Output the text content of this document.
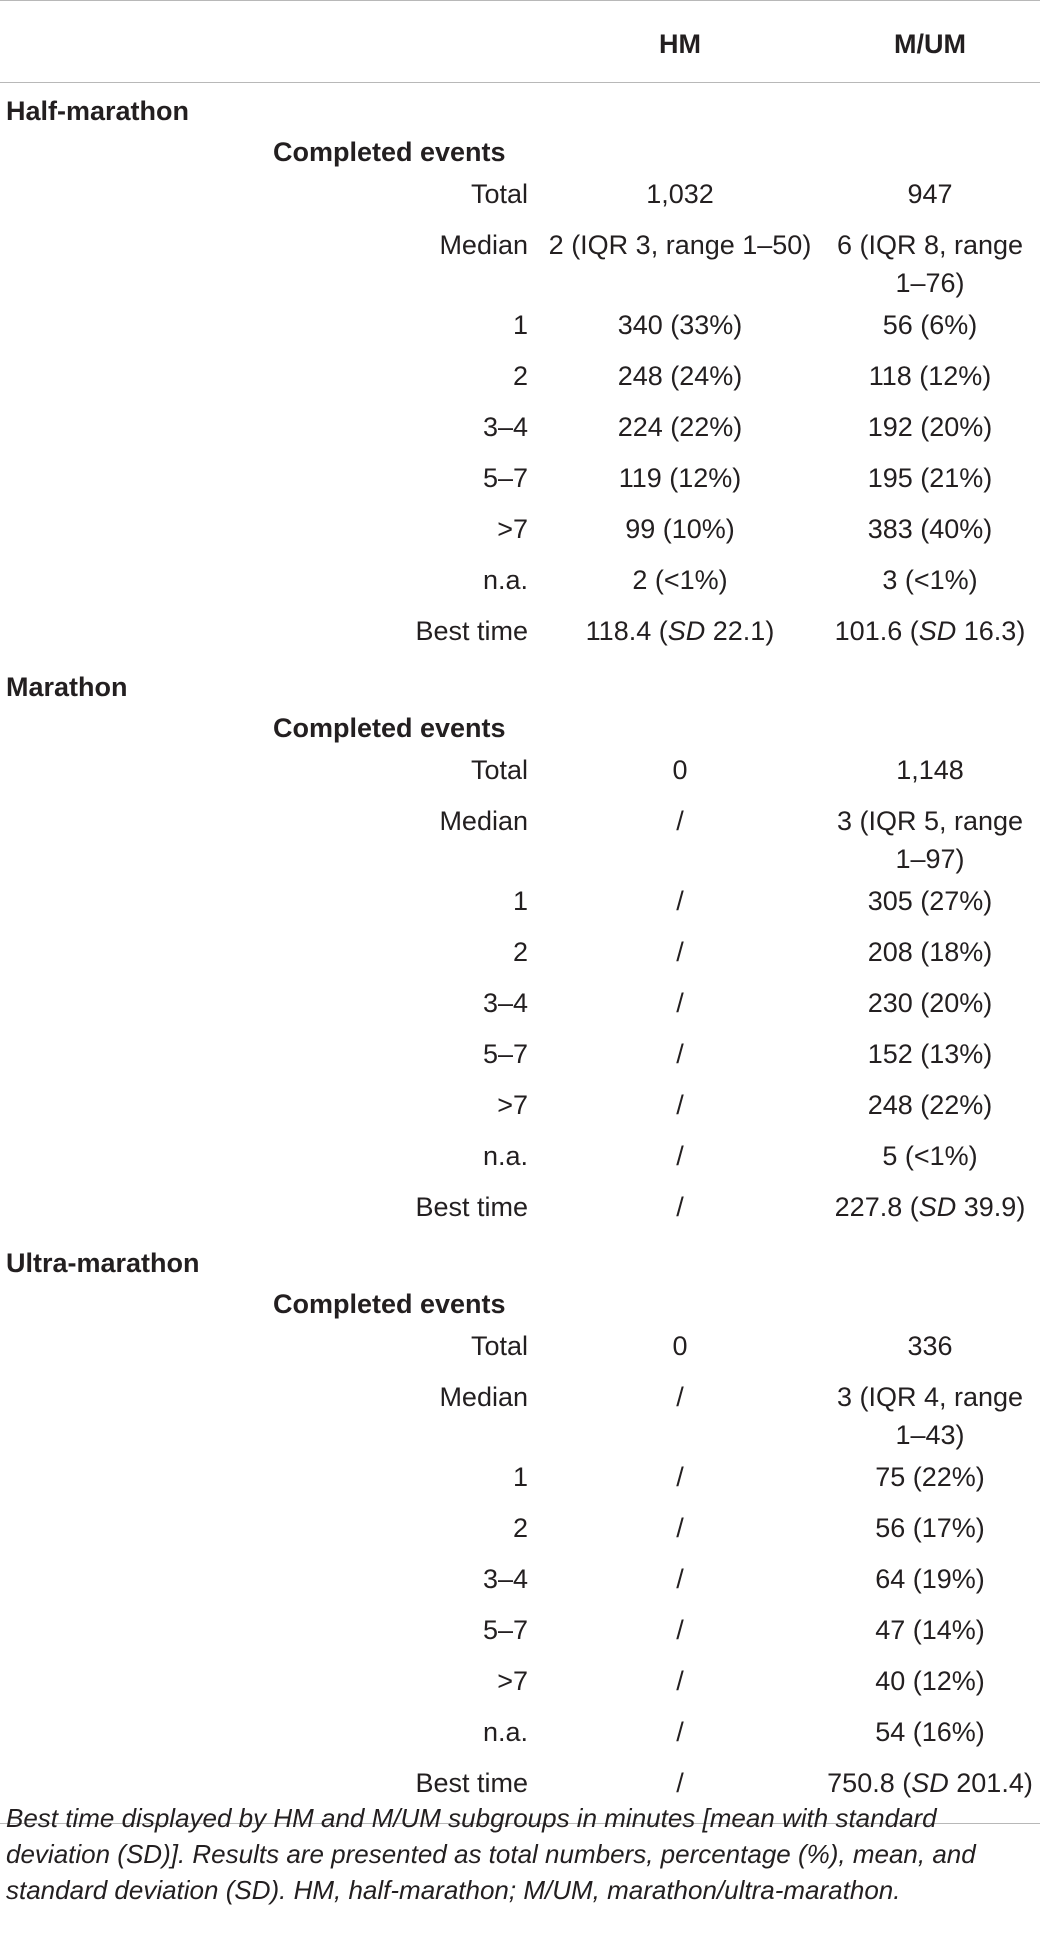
	HM	M/UM
Half-marathon		
Completed events		
Total	1,032	947
Median	2 (IQR 3, range 1–50)	6 (IQR 8, range 1–76)
1	340 (33%)	56 (6%)
2	248 (24%)	118 (12%)
3–4	224 (22%)	192 (20%)
5–7	119 (12%)	195 (21%)
>7	99 (10%)	383 (40%)
n.a.	2 (<1%)	3 (<1%)
Best time	118.4 (SD 22.1)	101.6 (SD 16.3)
Marathon		
Completed events		
Total	0	1,148
Median	/	3 (IQR 5, range 1–97)
1	/	305 (27%)
2	/	208 (18%)
3–4	/	230 (20%)
5–7	/	152 (13%)
>7	/	248 (22%)
n.a.	/	5 (<1%)
Best time	/	227.8 (SD 39.9)
Ultra-marathon		
Completed events		
Total	0	336
Median	/	3 (IQR 4, range 1–43)
1	/	75 (22%)
2	/	56 (17%)
3–4	/	64 (19%)
5–7	/	47 (14%)
>7	/	40 (12%)
n.a.	/	54 (16%)
Best time	/	750.8 (SD 201.4)

Best time displayed by HM and M/UM subgroups in minutes [mean with standard deviation (SD)]. Results are presented as total numbers, percentage (%), mean, and standard deviation (SD). HM, half-marathon; M/UM, marathon/ultra-marathon.
